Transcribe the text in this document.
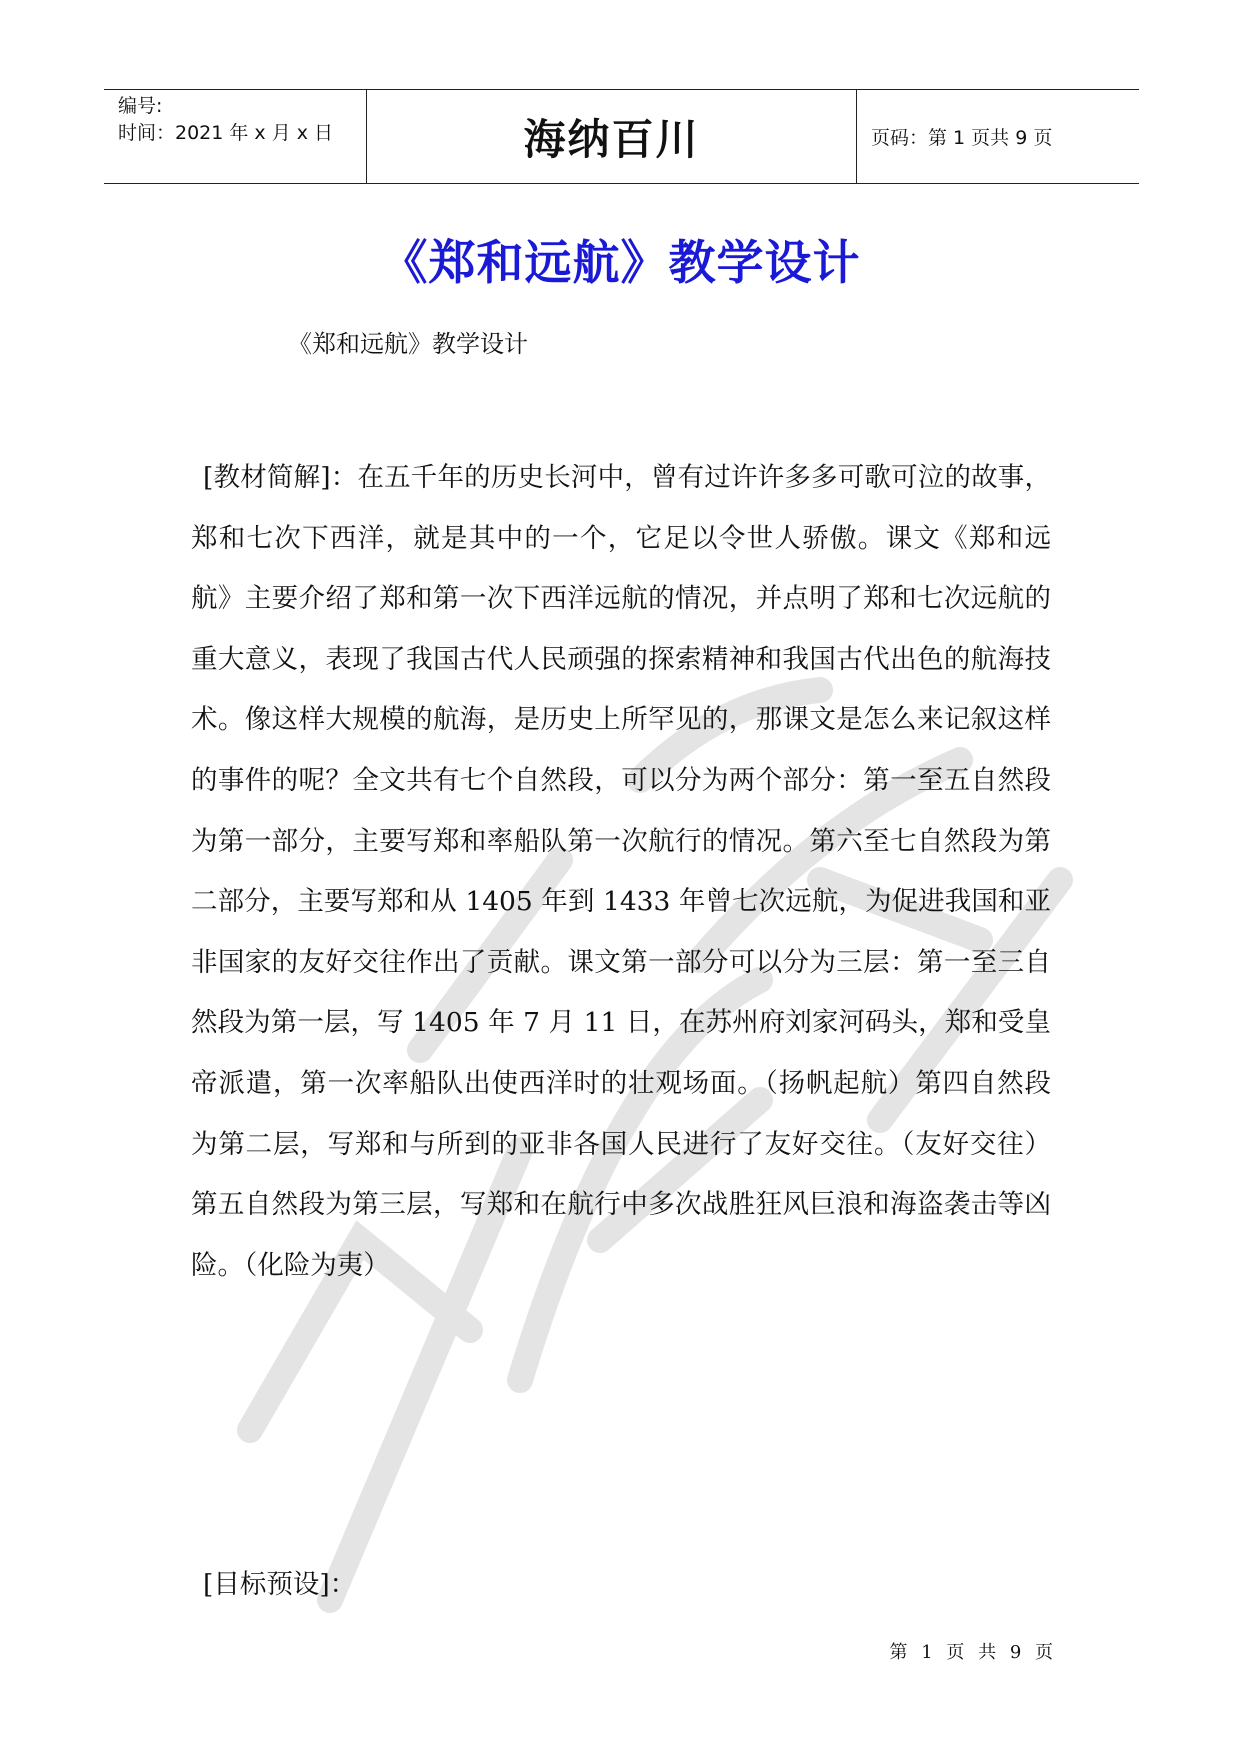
编号:
时间：2021 年 x 月 x 日	海纳百川	页码：第 1 页共 9 页
《郑和远航》教学设计
《郑和远航》教学设计
[教材简解]：在五千年的历史长河中，曾有过许许多多可歌可泣的故事，郑和七次下西洋，就是其中的一个，它足以令世人骄傲。课文《郑和远航》主要介绍了郑和第一次下西洋远航的情况，并点明了郑和七次远航的重大意义，表现了我国古代人民顽强的探索精神和我国古代出色的航海技术。像这样大规模的航海，是历史上所罕见的，那课文是怎么来记叙这样的事件的呢？全文共有七个自然段，可以分为两个部分：第一至五自然段为第一部分，主要写郑和率船队第一次航行的情况。第六至七自然段为第二部分，主要写郑和从 1405 年到 1433 年曾七次远航，为促进我国和亚非国家的友好交往作出了贡献。课文第一部分可以分为三层：第一至三自然段为第一层，写 1405 年 7 月 11 日，在苏州府刘家河码头，郑和受皇帝派遣，第一次率船队出使西洋时的壮观场面。（扬帆起航）第四自然段为第二层，写郑和与所到的亚非各国人民进行了友好交往。（友好交往）第五自然段为第三层，写郑和在航行中多次战胜狂风巨浪和海盗袭击等凶险。（化险为夷）
[目标预设]：
第 1 页 共 9 页
